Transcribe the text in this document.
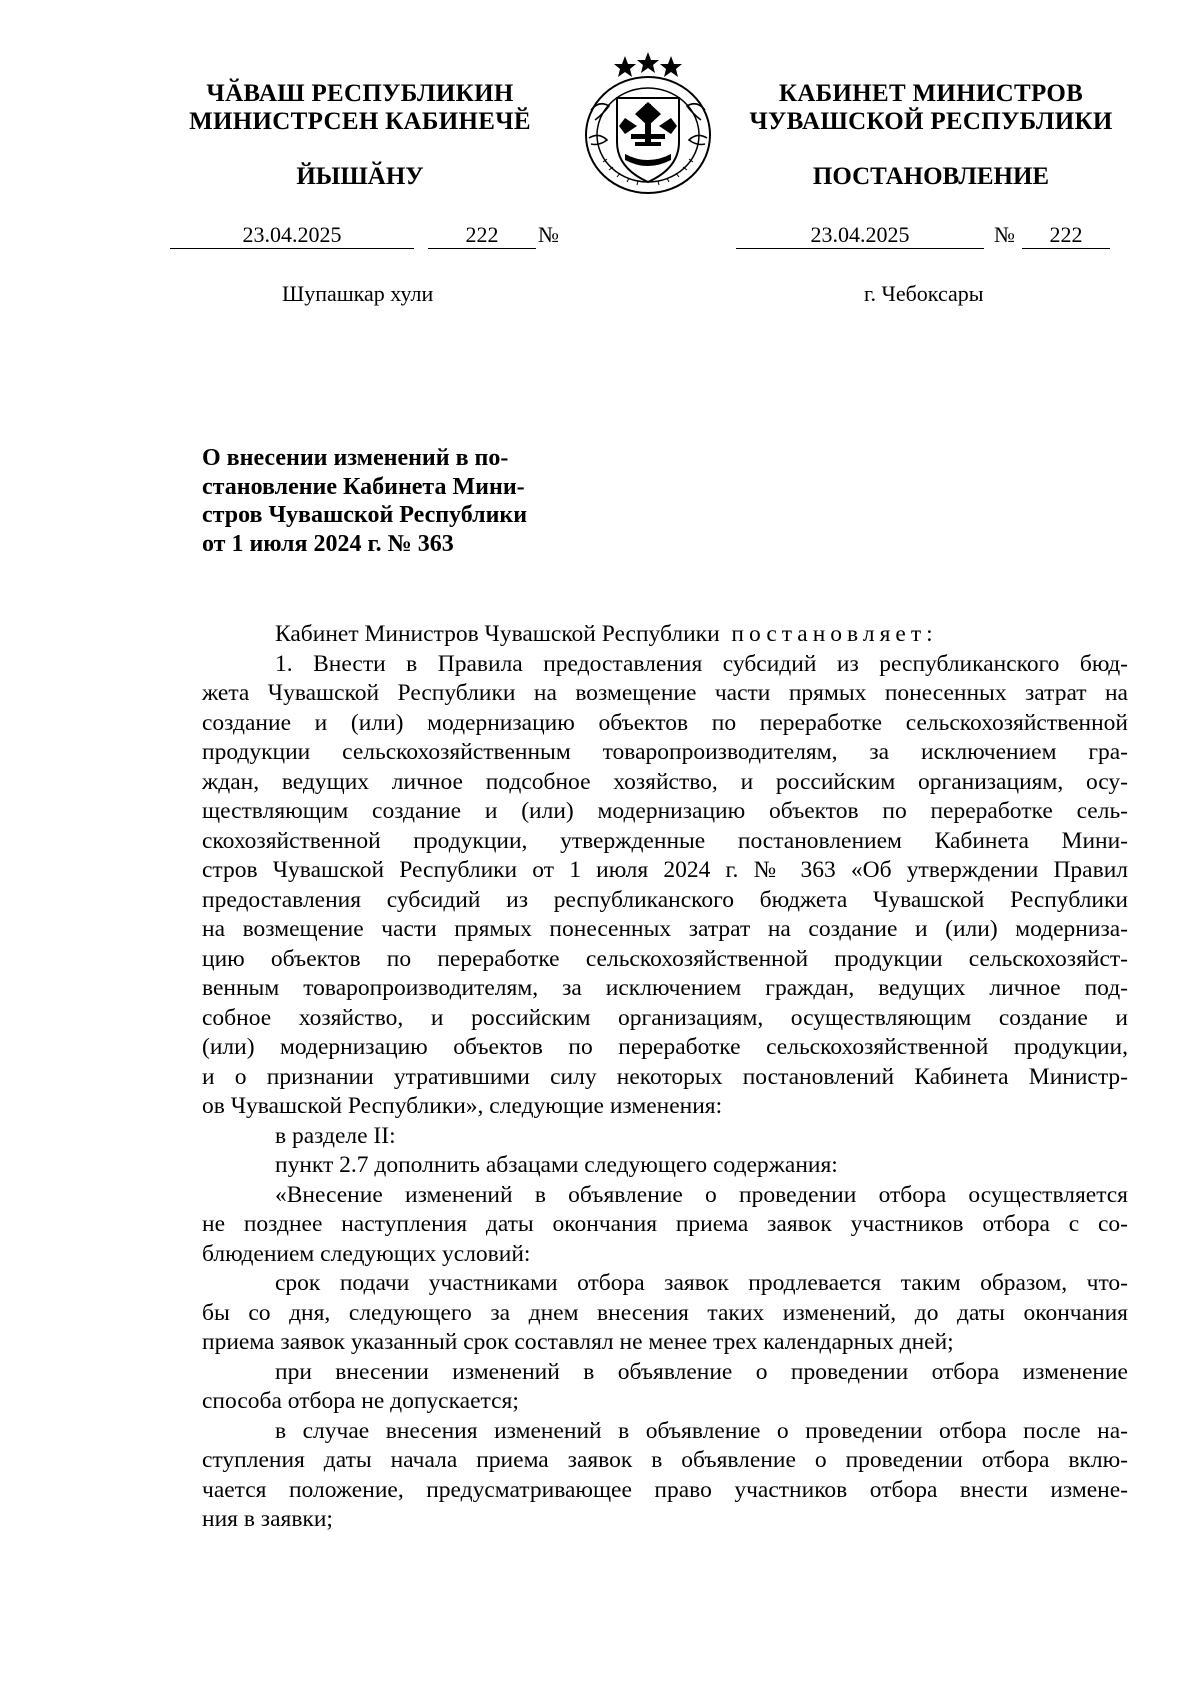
ЧӐВАШ РЕСПУБЛИКИН
МИНИСТРСЕН КАБИНЕЧӖ
ЙЫШӐНУ
23.04.2025	222	№
Шупашкар хули
КАБИНЕТ МИНИСТРОВ
ЧУВАШСКОЙ РЕСПУБЛИКИ
ПОСТАНОВЛЕНИЕ
23.04.2025	№	222
г. Чебоксары
О внесении изменений в по-
становление Кабинета Мини-
стров Чувашской Республики
от 1 июля 2024 г. № 363

Кабинет Министров Чувашской Республики постановляет:

1. Внести в Правила предоставления субсидий из республиканского бюд-
жета Чувашской Республики на возмещение части прямых понесенных затрат на
создание и (или) модернизацию объектов по переработке сельскохозяйственной
продукции сельскохозяйственным товаропроизводителям, за исключением гра-
ждан, ведущих личное подсобное хозяйство, и российским организациям, осу-
ществляющим создание и (или) модернизацию объектов по переработке сель-
скохозяйственной продукции, утвержденные постановлением Кабинета Мини-
стров Чувашской Республики от 1 июля 2024 г. № 363 «Об утверждении Правил
предоставления субсидий из республиканского бюджета Чувашской Республики
на возмещение части прямых понесенных затрат на создание и (или) модерниза-
цию объектов по переработке сельскохозяйственной продукции сельскохозяйст-
венным товаропроизводителям, за исключением граждан, ведущих личное под-
собное хозяйство, и российским организациям, осуществляющим создание и
(или) модернизацию объектов по переработке сельскохозяйственной продукции,
и о признании утратившими силу некоторых постановлений Кабинета Министр-
ов Чувашской Республики», следующие изменения:
в разделе II:
пункт 2.7 дополнить абзацами следующего содержания:
«Внесение изменений в объявление о проведении отбора осуществляется
не позднее наступления даты окончания приема заявок участников отбора с со-
блюдением следующих условий:
срок подачи участниками отбора заявок продлевается таким образом, что-
бы со дня, следующего за днем внесения таких изменений, до даты окончания
приема заявок указанный срок составлял не менее трех календарных дней;
при внесении изменений в объявление о проведении отбора изменение
способа отбора не допускается;
в случае внесения изменений в объявление о проведении отбора после на-
ступления даты начала приема заявок в объявление о проведении отбора вклю-
чается положение, предусматривающее право участников отбора внести измене-
ния в заявки;
